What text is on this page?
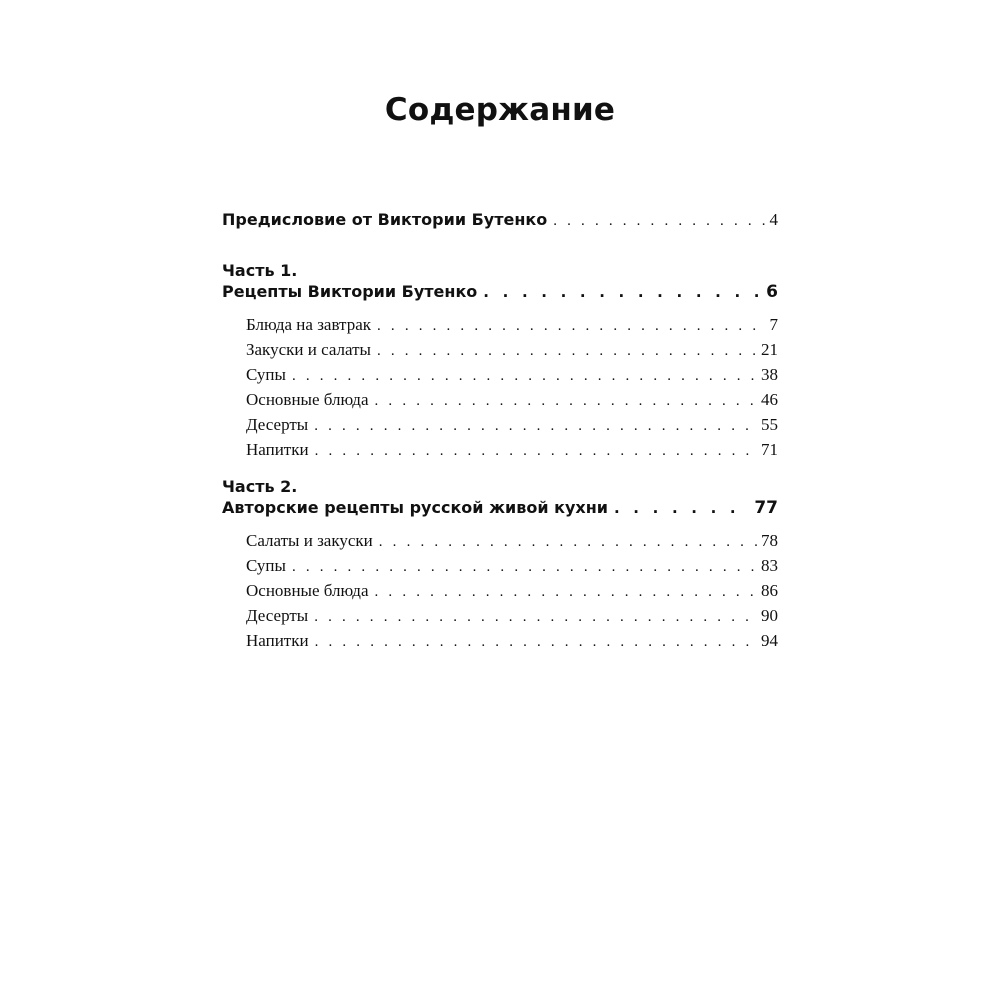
Содержание
Предисловие от Виктории Бутенко . . .	4
Часть 1.
Рецепты Виктории Бутенко . . .	6
Блюда на завтрак . . .	7
Закуски и салаты . . .	21
Супы . . .	38
Основные блюда . . .	46
Десерты . . .	55
Напитки . . .	71
Часть 2.
Авторские рецепты русской живой кухни . . .	77
Салаты и закуски . . .	78
Супы . . .	83
Основные блюда . . .	86
Десерты . . .	90
Напитки . . .	94
